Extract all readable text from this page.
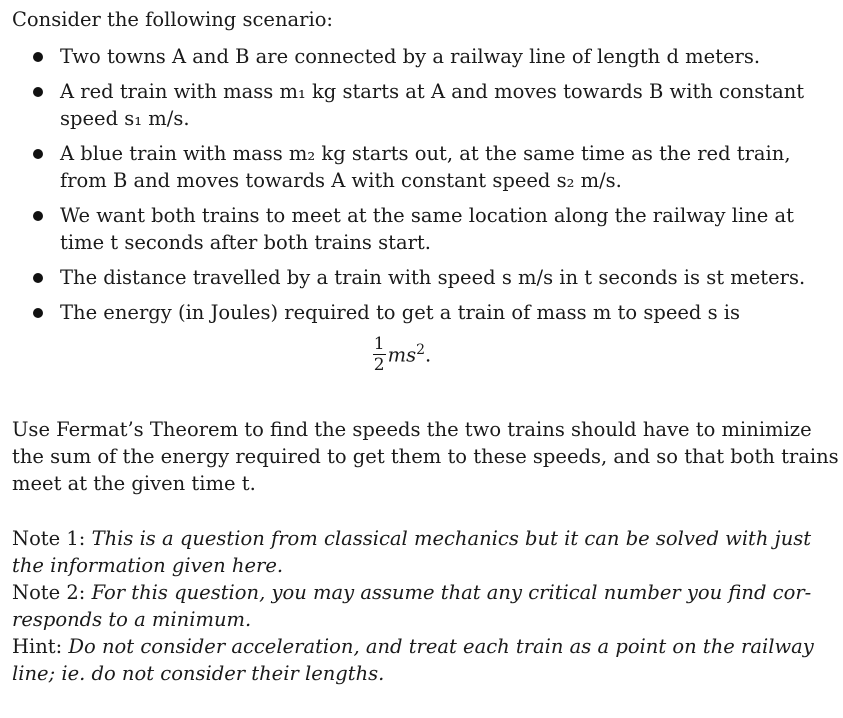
Consider the following scenario:
Two towns A and B are connected by a railway line of length d meters.
A red train with mass m₁ kg starts at A and moves towards B with constant
speed s₁ m/s.
A blue train with mass m₂ kg starts out, at the same time as the red train,
from B and moves towards A with constant speed s₂ m/s.
We want both trains to meet at the same location along the railway line at
time t seconds after both trains start.
The distance travelled by a train with speed s m/s in t seconds is st meters.
The energy (in Joules) required to get a train of mass m to speed s is
$\frac{1}{2} ms^2$.
Use Fermat’s Theorem to find the speeds the two trains should have to minimize
the sum of the energy required to get them to these speeds, and so that both trains
meet at the given time t.
Note 1: This is a question from classical mechanics but it can be solved with just
the information given here.
Note 2: For this question, you may assume that any critical number you find cor-
responds to a minimum.
Hint: Do not consider acceleration, and treat each train as a point on the railway
line; ie. do not consider their lengths.
